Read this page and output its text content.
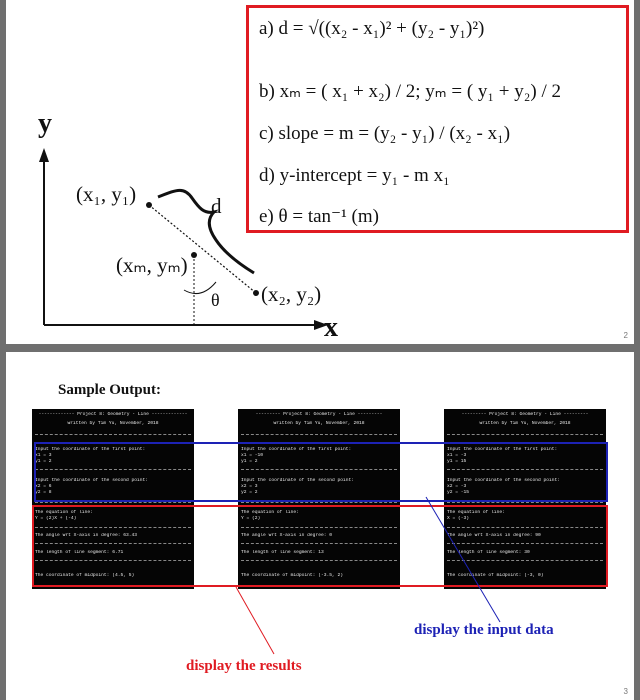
a) d = √((x₂ - x₁)² + (y₂ - y₁)²)
b) xₘ = ( x₁ + x₂) / 2; yₘ = ( y₁ + y₂) / 2
c) slope = m = (y₂ - y₁) / (x₂ - x₁)
d) y-intercept = y₁ - m x₁
e) θ = tan⁻¹ (m)
y
x
(x₁, y₁)
(xₘ, yₘ)
(x₂, y₂)
d
θ
2
Sample Output:
------------- Project 8: Geometry - Line -------------
written by Tim Yu, November, 2018
Input the coordinate of the first point:
x1 = 3
y1 = 2
Input the coordinate of the second point:
x2 = 6
y2 = 8
The equation of line:
Y = (2)X + (-4)
The angle wrt X-axis in degree: 63.43
The length of line segment: 6.71
The coordinate of midpoint: (4.5, 5)
--------- Project 8: Geometry - Line ---------
written by Tim Yu, November, 2018
Input the coordinate of the first point:
x1 = -10
y1 = 2
Input the coordinate of the second point:
x2 = 3
y2 = 2
The equation of line:
Y = (2)
The angle wrt X-axis in degree: 0
The length of line segment: 13
The coordinate of midpoint: (-3.5, 2)
--------- Project 8: Geometry - Line ---------
written by Tim Yu, November, 2018
Input the coordinate of the first point:
x1 = -3
y1 = 15
Input the coordinate of the second point:
x2 = -3
y2 = -15
The equation of line:
X = (-3)
The angle wrt X-axis in degree: 90
The length of line segment: 30
The coordinate of midpoint: (-3, 0)
display the input data
display the results
3
